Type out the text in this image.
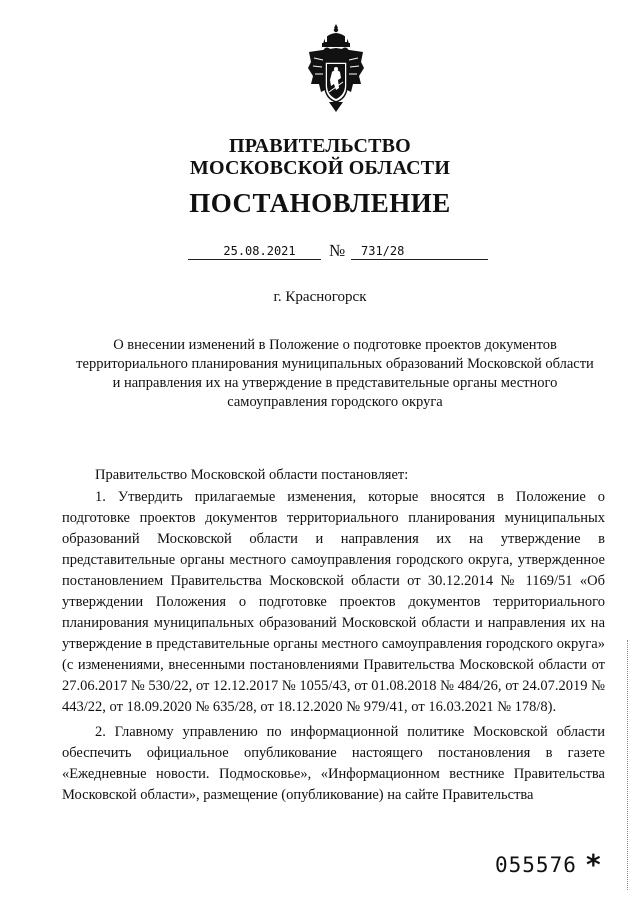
ПРАВИТЕЛЬСТВО
МОСКОВСКОЙ ОБЛАСТИ
ПОСТАНОВЛЕНИЕ
25.08.2021	№	731/28
г. Красногорск
О внесении изменений в Положение о подготовке проектов документов
территориального планирования муниципальных образований Московской области
и направления их на утверждение в представительные органы местного
самоуправления городского округа

Правительство Московской области постановляет:

1. Утвердить прилагаемые изменения, которые вносятся в Положение о подготовке проектов документов территориального планирования муниципальных образований Московской области и направления их на утверждение в представительные органы местного самоуправления городского округа, утвержденное постановлением Правительства Московской области от 30.12.2014 № 1169/51 «Об утверждении Положения о подготовке проектов документов территориального планирования муниципальных образований Московской области и направления их на утверждение в представительные органы местного самоуправления городского округа» (с изменениями, внесенными постановлениями Правительства Московской области от 27.06.2017 № 530/22, от 12.12.2017 № 1055/43, от 01.08.2018 № 484/26, от 24.07.2019 № 443/22, от 18.09.2020 № 635/28, от 18.12.2020 № 979/41, от 16.03.2021 № 178/8).

2. Главному управлению по информационной политике Московской области обеспечить официальное опубликование настоящего постановления в газете «Ежедневные новости. Подмосковье», «Информационном вестнике Правительства Московской области», размещение (опубликование) на сайте Правительства

055576 *
